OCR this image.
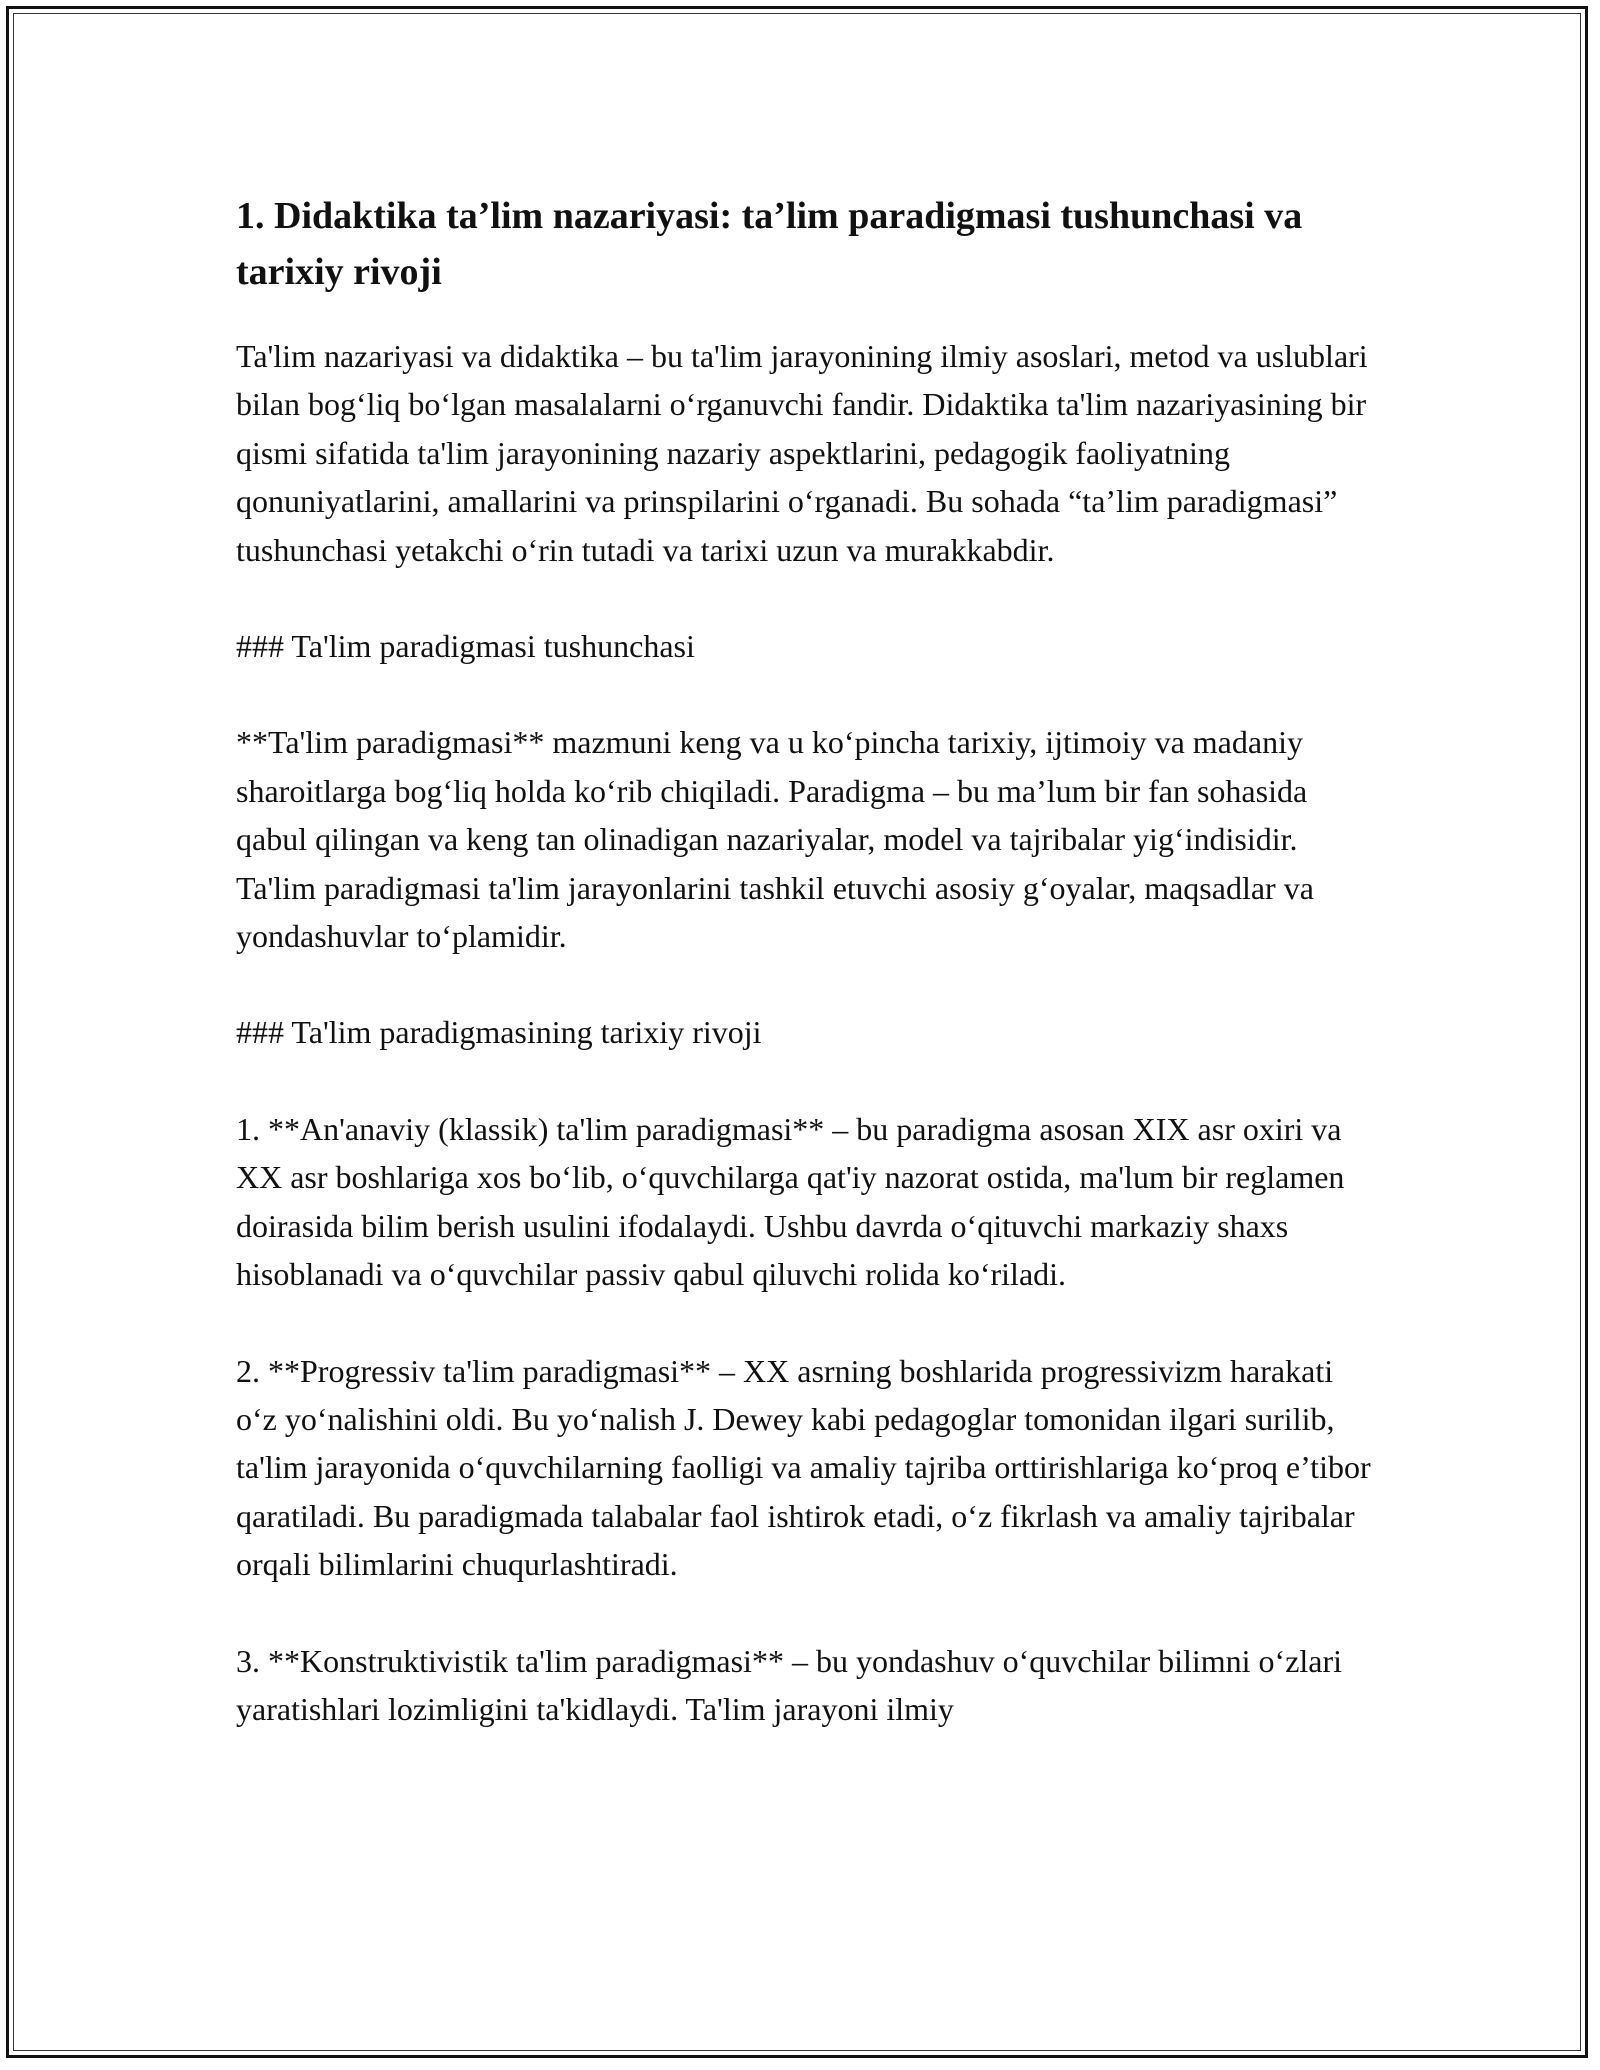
1. Didaktika ta’lim nazariyasi: ta’lim paradigmasi tushunchasi va tarixiy rivoji

Ta'lim nazariyasi va didaktika – bu ta'lim jarayonining ilmiy asoslari, metod va uslublari bilan bog‘liq bo‘lgan masalalarni o‘rganuvchi fandir. Didaktika ta'lim nazariyasining bir qismi sifatida ta'lim jarayonining nazariy aspektlarini, pedagogik faoliyatning qonuniyatlarini, amallarini va prinspilarini o‘rganadi. Bu sohada “ta’lim paradigmasi” tushunchasi yetakchi o‘rin tutadi va tarixi uzun va murakkabdir.

### Ta'lim paradigmasi tushunchasi

**Ta'lim paradigmasi** mazmuni keng va u ko‘pincha tarixiy, ijtimoiy va madaniy sharoitlarga bog‘liq holda ko‘rib chiqiladi. Paradigma – bu ma’lum bir fan sohasida qabul qilingan va keng tan olinadigan nazariyalar, model va tajribalar yig‘indisidir. Ta'lim paradigmasi ta'lim jarayonlarini tashkil etuvchi asosiy g‘oyalar, maqsadlar va yondashuvlar to‘plamidir.

### Ta'lim paradigmasining tarixiy rivoji

1. **An'anaviy (klassik) ta'lim paradigmasi** – bu paradigma asosan XIX asr oxiri va XX asr boshlariga xos bo‘lib, o‘quvchilarga qat'iy nazorat ostida, ma'lum bir reglamen doirasida bilim berish usulini ifodalaydi. Ushbu davrda o‘qituvchi markaziy shaxs hisoblanadi va o‘quvchilar passiv qabul qiluvchi rolida ko‘riladi.

2. **Progressiv ta'lim paradigmasi** – XX asrning boshlarida progressivizm harakati o‘z yo‘nalishini oldi. Bu yo‘nalish J. Dewey kabi pedagoglar tomonidan ilgari surilib, ta'lim jarayonida o‘quvchilarning faolligi va amaliy tajriba orttirishlariga ko‘proq e’tibor qaratiladi. Bu paradigmada talabalar faol ishtirok etadi, o‘z fikrlash va amaliy tajribalar orqali bilimlarini chuqurlashtiradi.

3. **Konstruktivistik ta'lim paradigmasi** – bu yondashuv o‘quvchilar bilimni o‘zlari yaratishlari lozimligini ta'kidlaydi. Ta'lim jarayoni ilmiy
